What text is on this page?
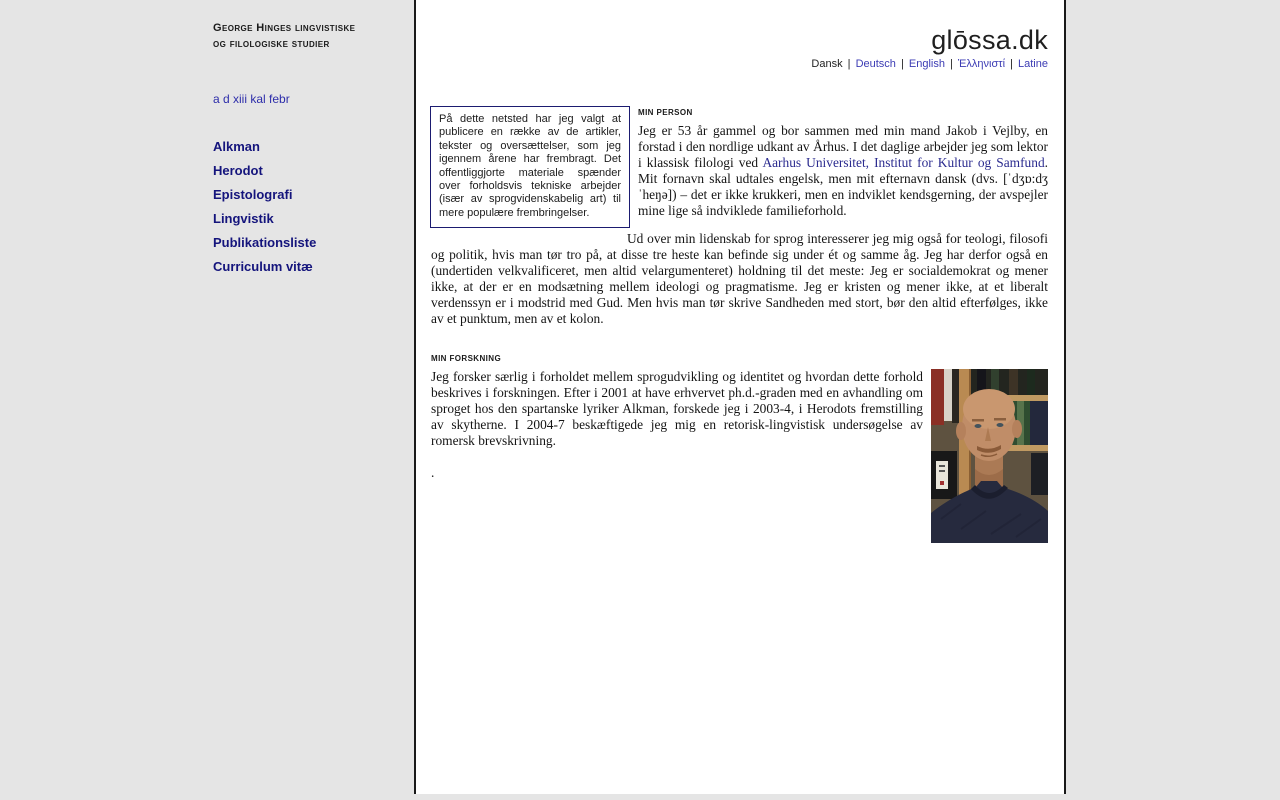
George Hinges lingvistiske
og filologiske studier
a d xiii kal febr
Alkman
Herodot
Epistolografi
Lingvistik
Publikationsliste
Curriculum vitæ
glōssa.dk
Dansk | Deutsch | English | Ἑλληνιστί | Latine
På dette netsted har jeg valgt at publicere en række av de artikler, tekster og oversættelser, som jeg igennem årene har frembragt. Det offentliggjorte materiale spænder over forholdsvis tekniske arbejder (især av sprogvidenskabelig art) til mere populære frembringelser.
MIN PERSON

Jeg er 53 år gammel og bor sammen med min mand Jakob i Vejlby, en forstad i den nordlige udkant av Århus. I det daglige arbejder jeg som lektor i klassisk filologi ved Aarhus Universitet, Institut for Kultur og Samfund. Mit fornavn skal udtales engelsk, men mit efternavn dansk (dvs. [ˈdʒɒ:dʒ ˈheŋə]) – det er ikke krukkeri, men en indviklet kendsgerning, der avspejler mine lige så indviklede familieforhold.

Ud over min lidenskab for sprog interesserer jeg mig også for teologi, filosofi og politik, hvis man tør tro på, at disse tre heste kan befinde sig under ét og samme åg. Jeg har derfor også en (undertiden velkvalificeret, men altid velargumenteret) holdning til det meste: Jeg er socialdemokrat og mener ikke, at der er en modsætning mellem ideologi og pragmatisme. Jeg er kristen og mener ikke, at et liberalt verdenssyn er i modstrid med Gud. Men hvis man tør skrive Sandheden med stort, bør den altid efterfølges, ikke av et punktum, men av et kolon.

MIN FORSKNING

Jeg forsker særlig i forholdet mellem sprogudvikling og identitet og hvordan dette forhold beskrives i forskningen. Efter i 2001 at have erhvervet ph.d.-graden med en avhandling om sproget hos den spartanske lyriker Alkman, forskede jeg i 2003-4, i Herodots fremstilling av skytherne. I 2004-7 beskæftigede jeg mig en retorisk-lingvistisk undersøgelse av romersk brevskrivning.

.
